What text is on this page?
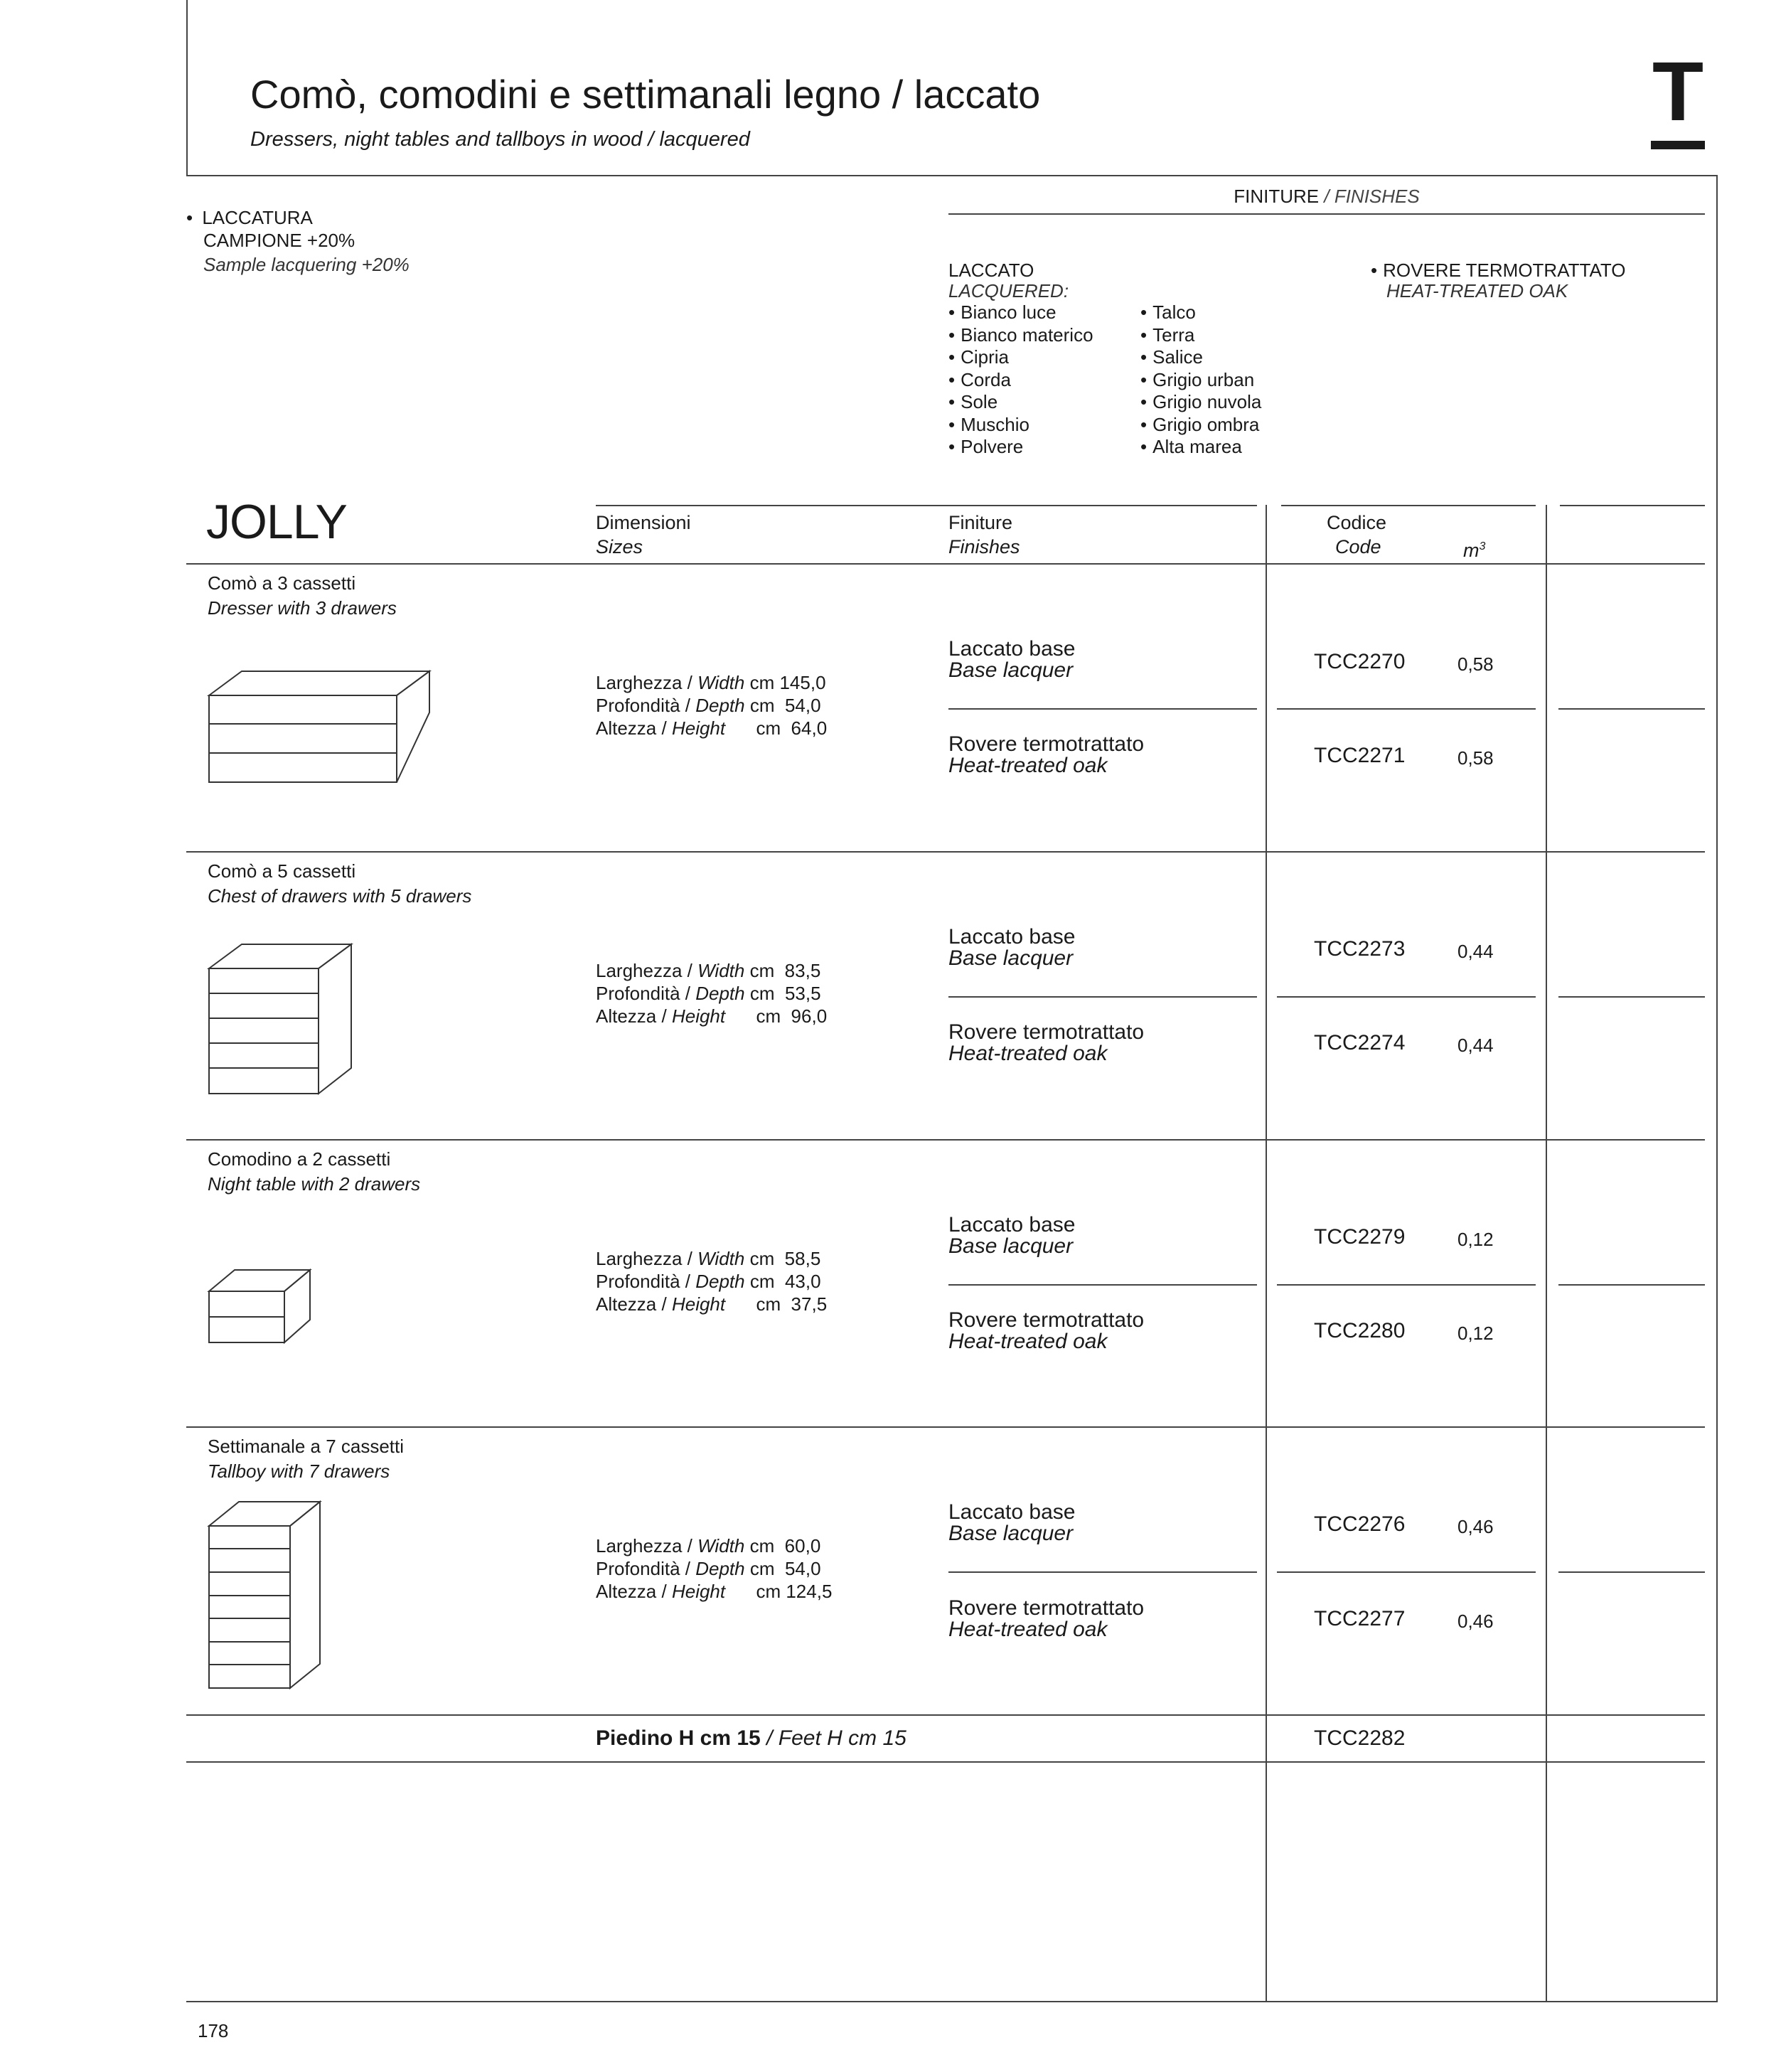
Comò, comodini e settimanali legno / laccato
Dressers, night tables and tallboys in wood / lacquered
T
• LACCATURA
CAMPIONE +20%
Sample lacquering +20%
FINITURE / FINISHES
LACCATO
LACQUERED:
• Bianco luce
• Bianco materico
• Cipria
• Corda
• Sole
• Muschio
• Polvere
• Talco
• Terra
• Salice
• Grigio urban
• Grigio nuvola
• Grigio ombra
• Alta marea
• ROVERE TERMOTRATTATO
HEAT-TREATED OAK
JOLLY	Dimensioni
Sizes
Finiture
Finishes
Codice
Code	$m^3$
Comò a 3 cassetti
Dresser with 3 drawers
Larghezza / Width cm 145,0
Profondità / Depth cm  54,0
Altezza / Height cm  64,0
Laccato base
Base lacquer	TCC2270	0,58
Rovere termotrattato
Heat-treated oak	TCC2271	0,58
Comò a 5 cassetti
Chest of drawers with 5 drawers
Larghezza / Width cm  83,5
Profondità / Depth cm  53,5
Altezza / Height cm  96,0
Laccato base
Base lacquer	TCC2273	0,44
Rovere termotrattato
Heat-treated oak	TCC2274	0,44
Comodino a 2 cassetti
Night table with 2 drawers
Larghezza / Width cm  58,5
Profondità / Depth cm  43,0
Altezza / Height cm  37,5
Laccato base
Base lacquer	TCC2279	0,12
Rovere termotrattato
Heat-treated oak	TCC2280	0,12
Settimanale a 7 cassetti
Tallboy with 7 drawers
Larghezza / Width cm  60,0
Profondità / Depth cm  54,0
Altezza / Height cm 124,5
Laccato base
Base lacquer	TCC2276	0,46
Rovere termotrattato
Heat-treated oak	TCC2277	0,46
Piedino H cm 15 / Feet H cm 15	TCC2282
178
